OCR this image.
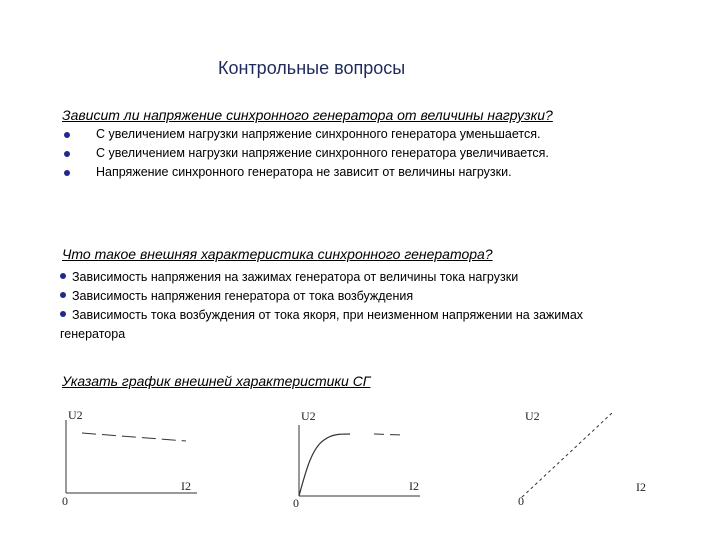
Контрольные вопросы
Зависит ли напряжение синхронного генератора от величины нагрузки?
С увеличением нагрузки напряжение синхронного генератора уменьшается.
С увеличением нагрузки напряжение синхронного генератора увеличивается.
Напряжение синхронного генератора не зависит от величины нагрузки.
Что такое внешняя характеристика синхронного генератора?
Зависимость напряжения на зажимах генератора от величины тока нагрузки
Зависимость напряжения генератора от тока возбуждения
Зависимость тока возбуждения от тока якоря, при неизменном напряжении на зажимах
генератора
Указать график внешней характеристики СГ
U2
I2
0
U2
I2
0
U2
I2
0
